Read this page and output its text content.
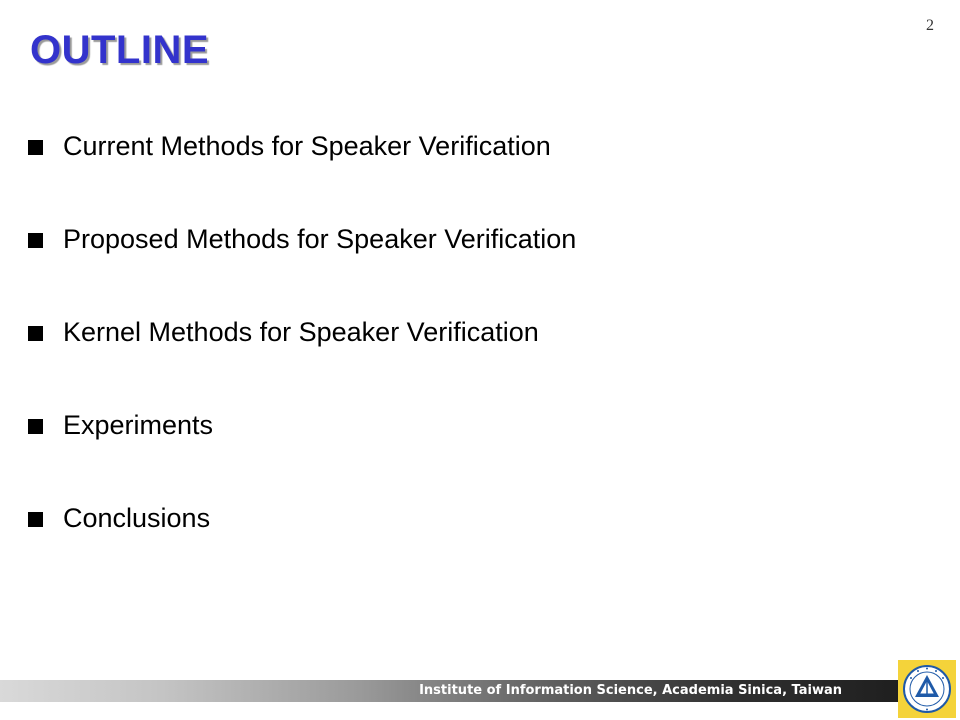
OUTLINE
2
Current Methods for Speaker Verification
Proposed Methods for Speaker Verification
Kernel Methods for Speaker Verification
Experiments
Conclusions
Institute of Information Science, Academia Sinica, Taiwan
